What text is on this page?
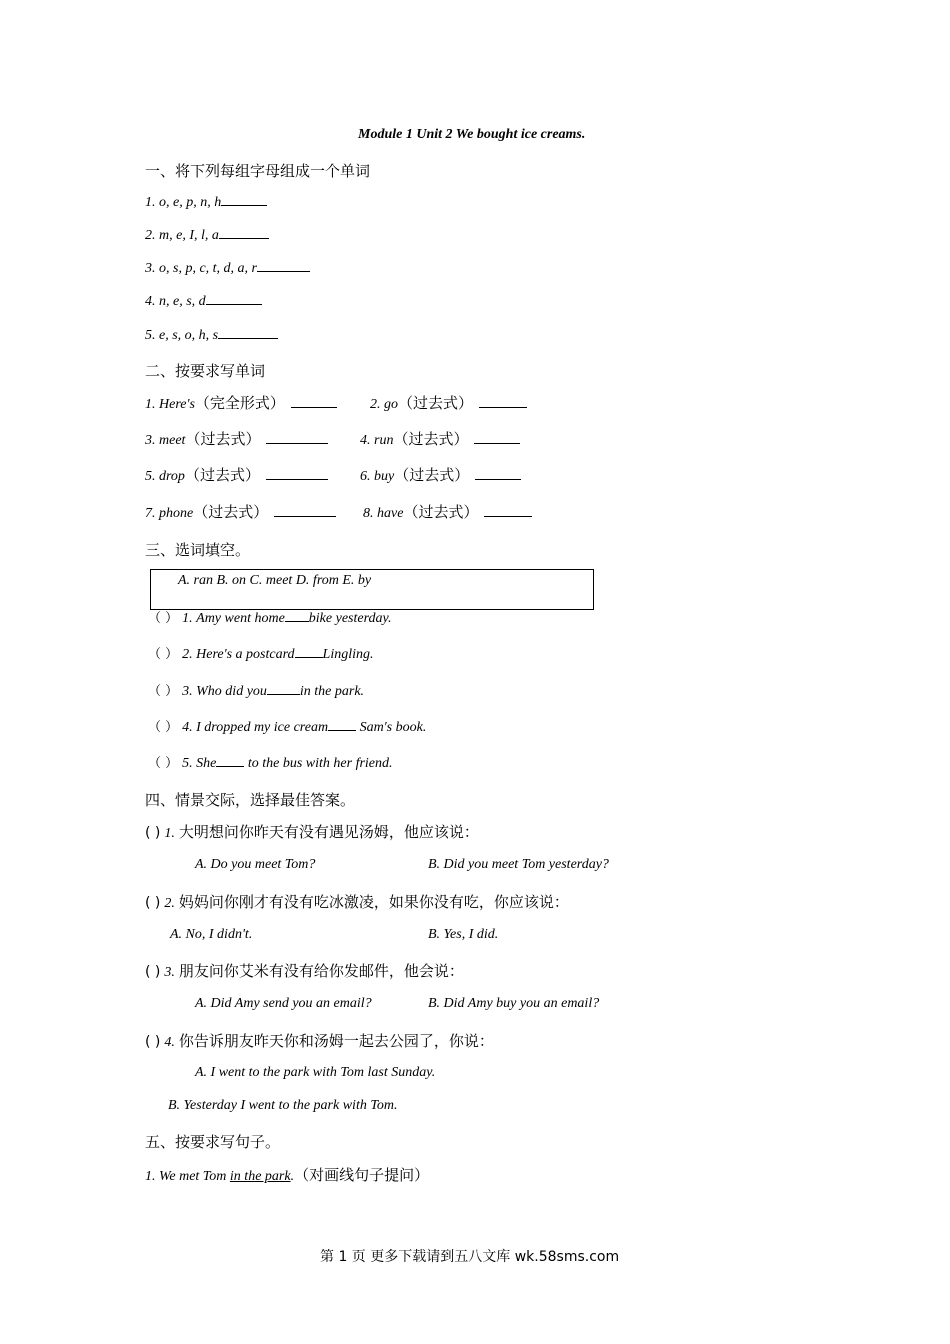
Module 1 Unit 2 We bought ice creams.
一、将下列每组字母组成一个单词
1. o, e, p, n, h
2. m, e, I, l, a
3. o, s, p, c, t, d, a, r
4. n, e, s, d
5. e, s, o, h, s
二、按要求写单词
1. Here's（完全形式）	2. go（过去式）
3. meet（过去式）	4. run（过去式）
5. drop（过去式）	6. buy（过去式）
7. phone（过去式）	8. have（过去式）
三、选词填空。
A. ran B. on C. meet D. from E. by
（ ） 1. Amy went home bike yesterday.
（ ） 2. Here's a postcard Lingling.
（ ） 3. Who did you in the park.
（ ） 4. I dropped my ice cream Sam's book.
（ ） 5. She to the bus with her friend.
四、情景交际，选择最佳答案。
( ) 1. 大明想问你昨天有没有遇见汤姆，他应该说：
A. Do you meet Tom?	B. Did you meet Tom yesterday?
( ) 2. 妈妈问你刚才有没有吃冰激凌，如果你没有吃，你应该说：
A. No, I didn't.	B. Yes, I did.
( ) 3. 朋友问你艾米有没有给你发邮件，他会说：
A. Did Amy send you an email?	B. Did Amy buy you an email?
( ) 4. 你告诉朋友昨天你和汤姆一起去公园了，你说：
A. I went to the park with Tom last Sunday.
B. Yesterday I went to the park with Tom.
五、按要求写句子。
1. We met Tom in the park.（对画线句子提问）
第 1 页 更多下载请到五八文库 wk.58sms.com
